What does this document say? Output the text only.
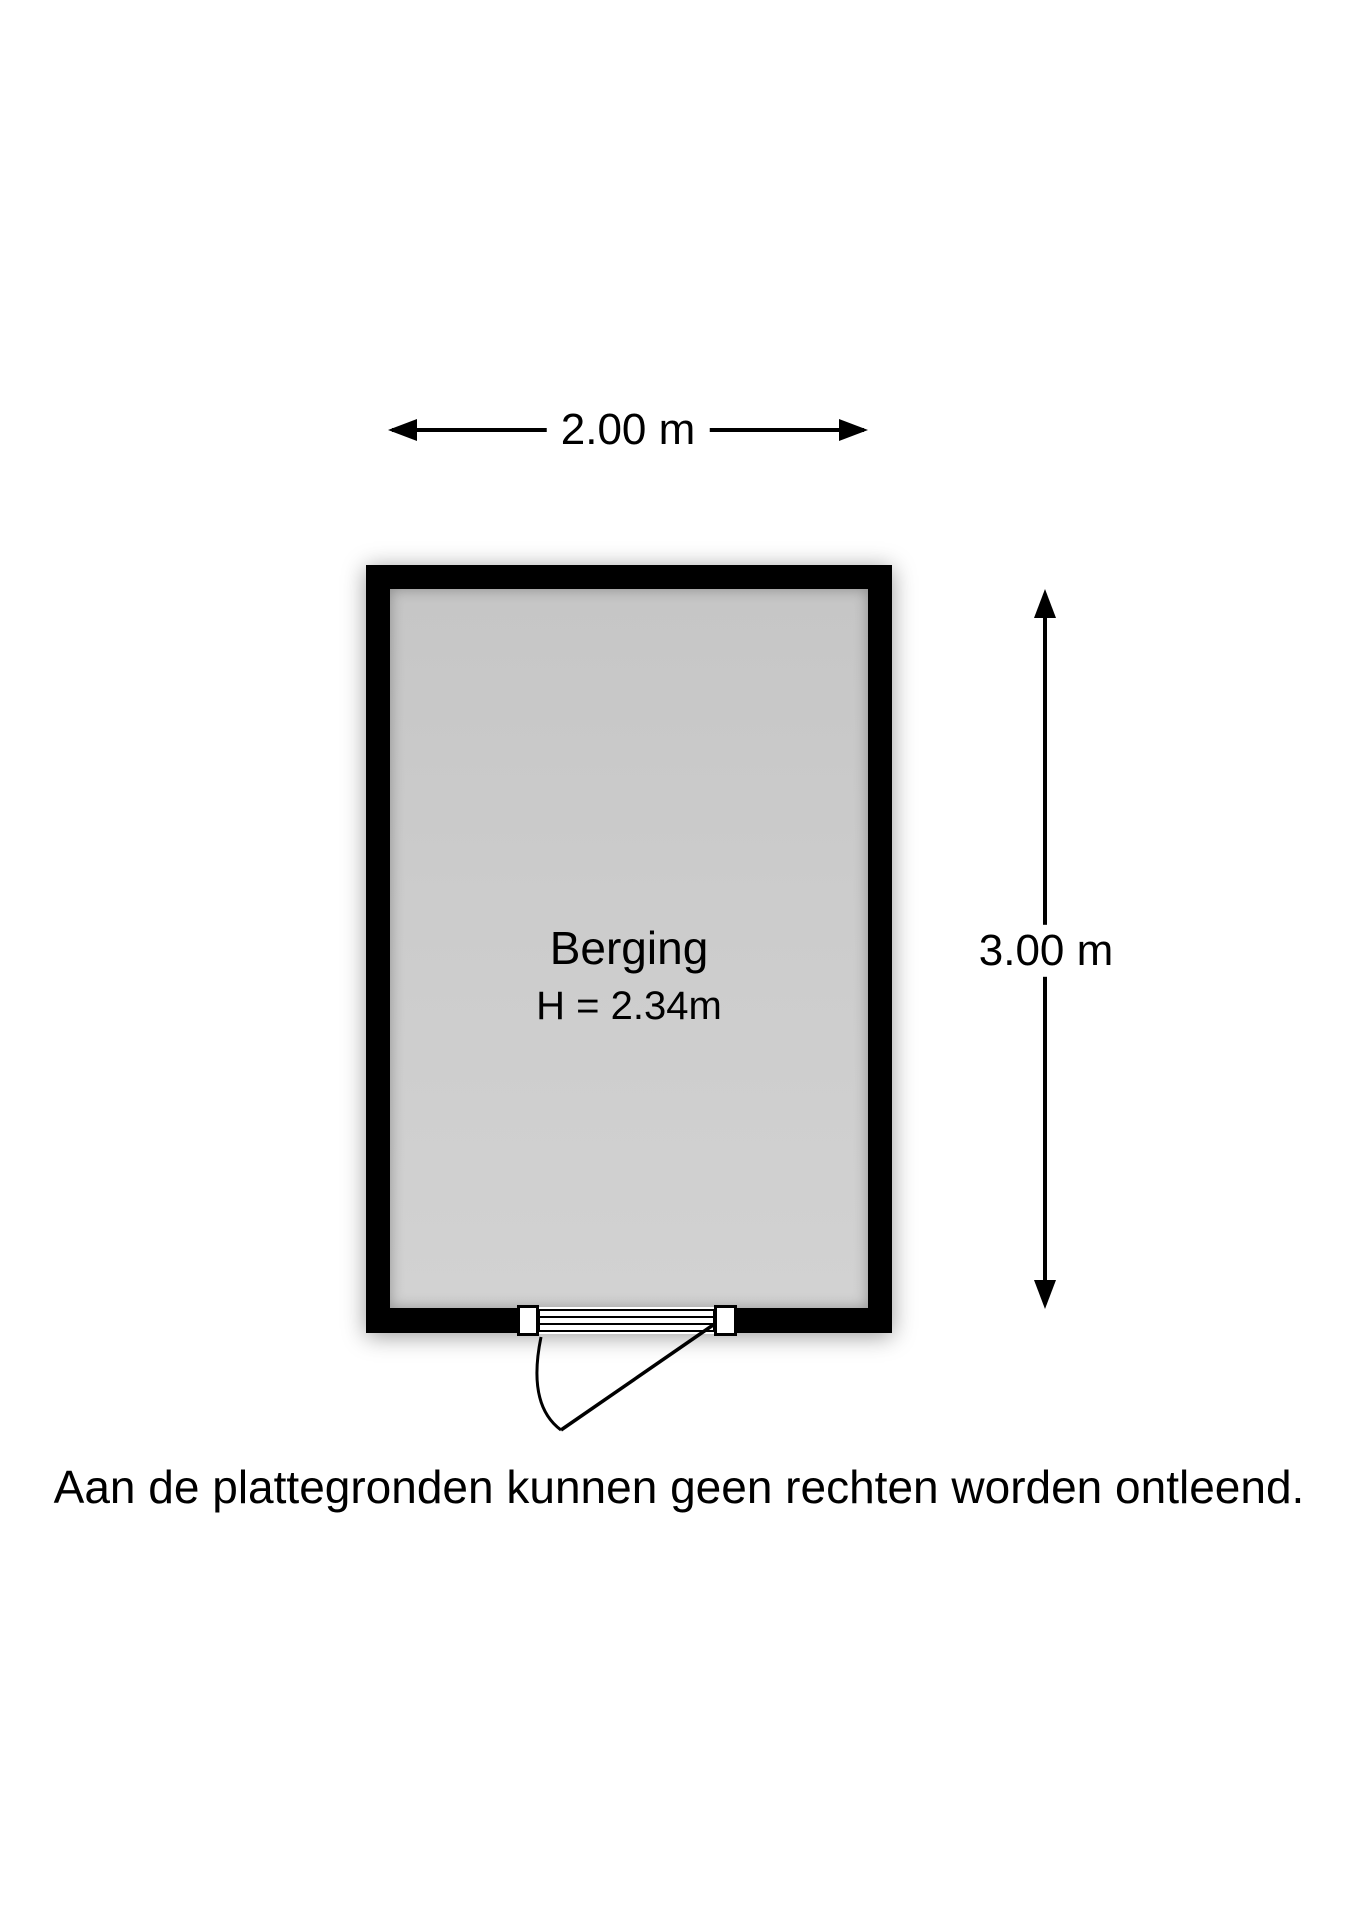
2.00 m
3.00 m
Berging
H = 2.34m
Aan de plattegronden kunnen geen rechten worden ontleend.
